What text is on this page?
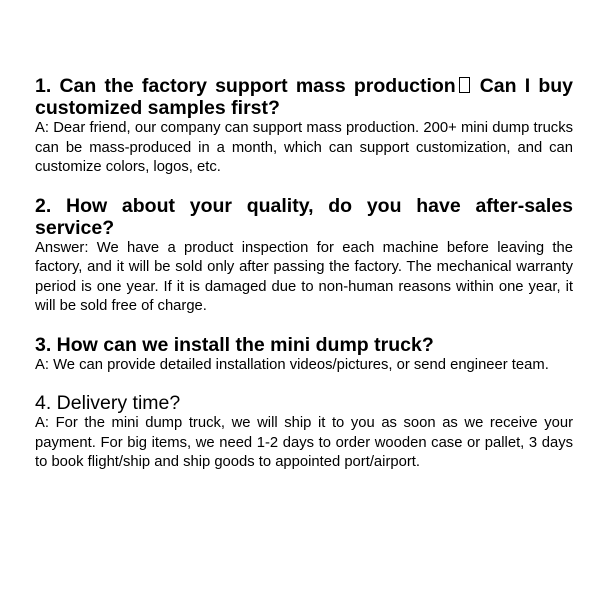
1. Can the factory support mass production Can I buy customized samples first?

A: Dear friend, our company can support mass production. 200+ mini dump trucks can be mass-produced in a month, which can support customization, and can customize colors, logos, etc.

2. How about your quality, do you have after-sales service?

Answer: We have a product inspection for each machine before leaving the factory, and it will be sold only after passing the factory. The mechanical warranty period is one year. If it is damaged due to non-human reasons within one year, it will be sold free of charge.

3. How can we install the mini dump truck?

A: We can provide detailed installation videos/pictures, or send engineer team.

4. Delivery time?

A: For the mini dump truck, we will ship it to you as soon as we receive your payment. For big items, we need 1-2 days to order wooden case or pallet, 3 days to book flight/ship and ship goods to appointed port/airport.
